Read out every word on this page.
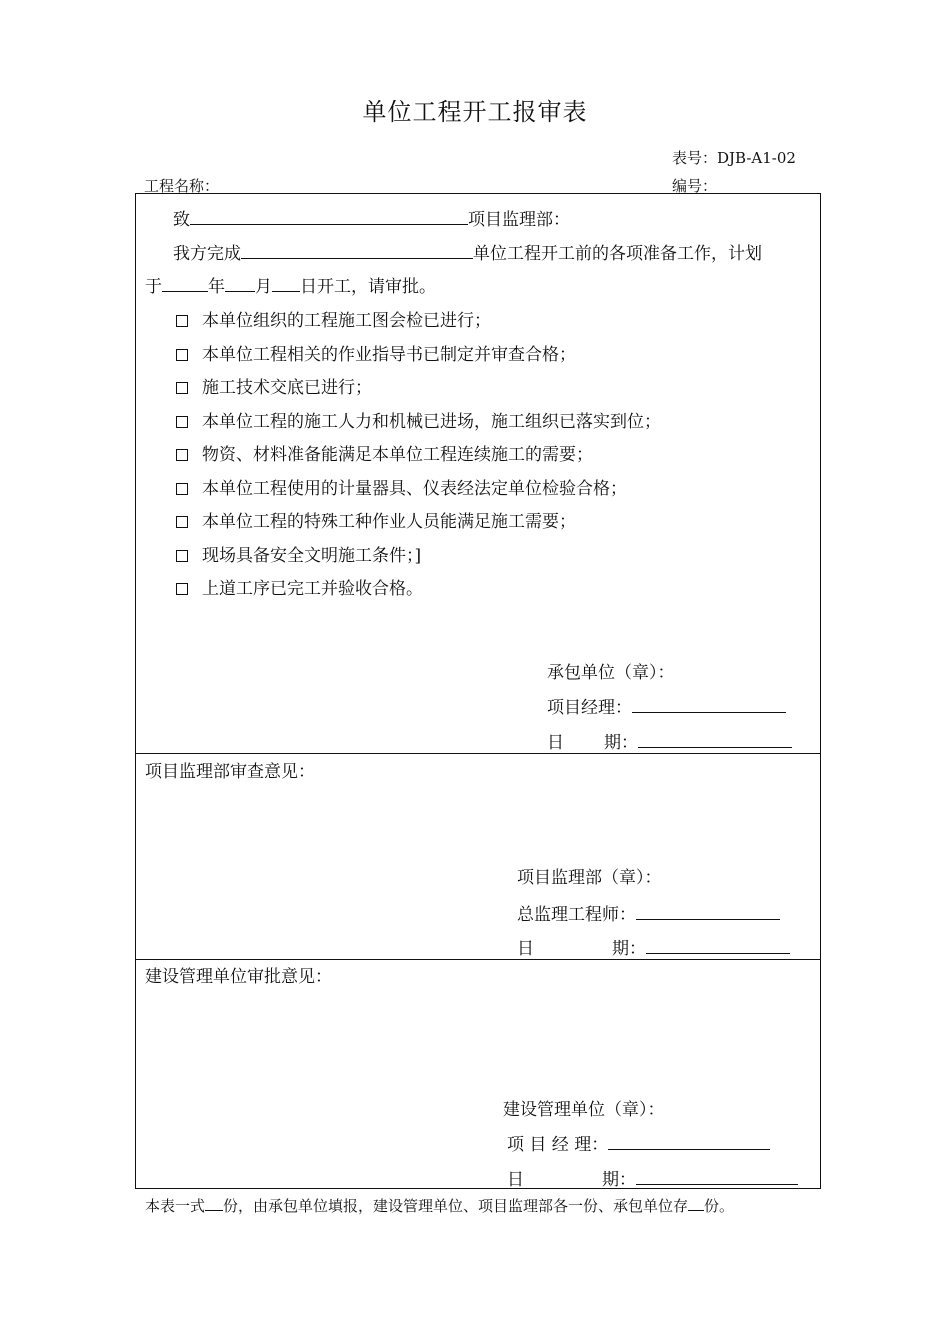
单位工程开工报审表
表号：DJB-A1-02
工程名称：	编号：
致	项目监理部：
我方完成	单位工程开工前的各项准备工作，计划
于	年 月 日开工，请审批。
本单位组织的工程施工图会检已进行；
本单位工程相关的作业指导书已制定并审查合格；
施工技术交底已进行；
本单位工程的施工人力和机械已进场，施工组织已落实到位；
物资、材料准备能满足本单位工程连续施工的需要；
本单位工程使用的计量器具、仪表经法定单位检验合格；
本单位工程的特殊工种作业人员能满足施工需要；
现场具备安全文明施工条件；]
上道工序已完工并验收合格。
承包单位（章）：
项目经理：
日 期：
项目监理部审查意见：
项目监理部（章）：
总监理工程师：
日	期：
建设管理单位审批意见：
建设管理单位（章）：
项 目 经 理：
日	期：
本表一式 份，由承包单位填报，建设管理单位、项目监理部各一份、承包单位存 份。
